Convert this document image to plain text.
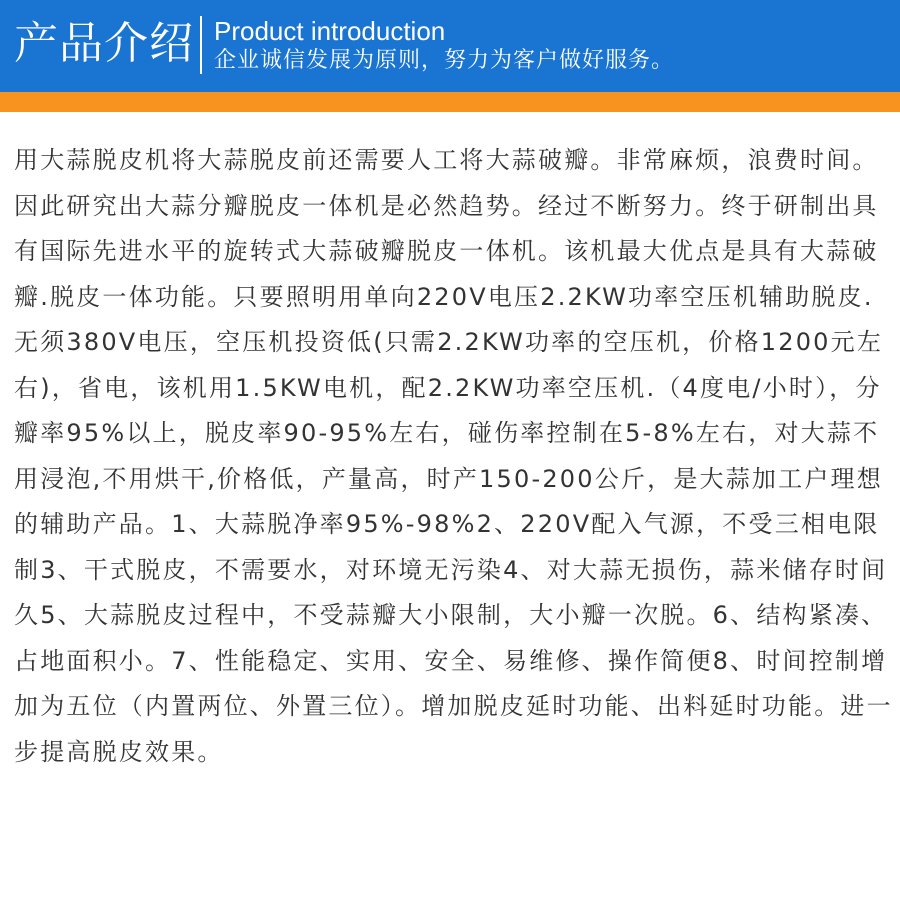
产品介绍 Product introduction
企业诚信发展为原则，努力为客户做好服务。

用大蒜脱皮机将大蒜脱皮前还需要人工将大蒜破瓣。非常麻烦，浪费时间。因此研究出大蒜分瓣脱皮一体机是必然趋势。经过不断努力。终于研制出具有国际先进水平的旋转式大蒜破瓣脱皮一体机。该机最大优点是具有大蒜破瓣.脱皮一体功能。只要照明用单向220V电压2.2KW功率空压机辅助脱皮.无须380V电压，空压机投资低(只需2.2KW功率的空压机，价格1200元左右)，省电，该机用1.5KW电机，配2.2KW功率空压机.（4度电/小时），分瓣率95%以上，脱皮率90-95%左右，碰伤率控制在5-8%左右，对大蒜不用浸泡,不用烘干,价格低，产量高，时产150-200公斤，是大蒜加工户理想的辅助产品。1、大蒜脱净率95%-98%2、220V配入气源，不受三相电限制3、干式脱皮，不需要水，对环境无污染4、对大蒜无损伤，蒜米储存时间久5、大蒜脱皮过程中，不受蒜瓣大小限制，大小瓣一次脱。6、结构紧凑、占地面积小。7、性能稳定、实用、安全、易维修、操作简便8、时间控制增加为五位（内置两位、外置三位）。增加脱皮延时功能、出料延时功能。进一步提高脱皮效果。
